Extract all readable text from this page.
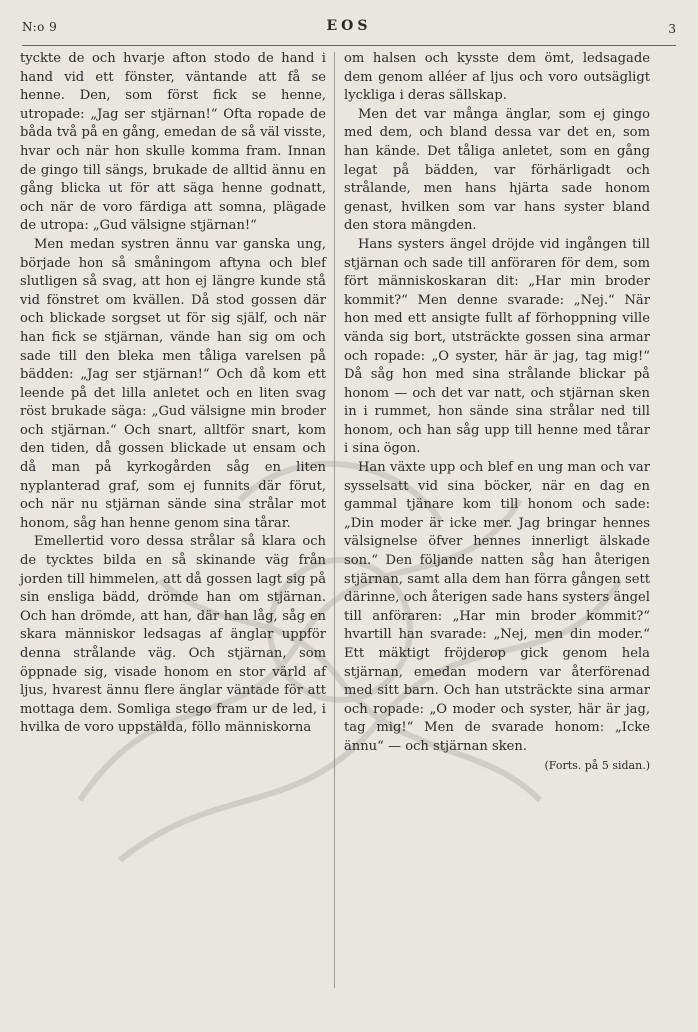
N:o 9	EOS	3

tyckte de och hvarje afton stodo de hand i hand vid ett fönster, väntande att få se henne. Den, som först fick se henne, utropade: „Jag ser stjärnan!“ Ofta ropade de båda två på en gång, emedan de så väl visste, hvar och när hon skulle komma fram. Innan de gingo till sängs, brukade de alltid ännu en gång blicka ut för att säga henne godnatt, och när de voro färdiga att somna, plägade de utropa: „Gud välsigne stjärnan!“

Men medan systren ännu var ganska ung, började hon så småningom aftyna och blef slutligen så svag, att hon ej längre kunde stå vid fönstret om kvällen. Då stod gossen där och blickade sorgset ut för sig själf, och när han fick se stjärnan, vände han sig om och sade till den bleka men tåliga varelsen på bädden: „Jag ser stjärnan!“ Och då kom ett leende på det lilla anletet och en liten svag röst brukade säga: „Gud välsigne min broder och stjärnan.“ Och snart, alltför snart, kom den tiden, då gossen blickade ut ensam och då man på kyrkogården såg en liten nyplanterad graf, som ej funnits där förut, och när nu stjärnan sände sina strålar mot honom, såg han henne genom sina tårar.

Emellertid voro dessa strålar så klara och de tycktes bilda en så skinande väg från jorden till himmelen, att då gossen lagt sig på sin ensliga bädd, drömde han om stjärnan. Och han drömde, att han, där han låg, såg en skara människor ledsagas af änglar uppför denna strålande väg. Och stjärnan, som öppnade sig, visade honom en stor värld af ljus, hvarest ännu flere änglar väntade för att mottaga dem. Somliga stego fram ur de led, i hvilka de voro uppstälda, föllo människorna

om halsen och kysste dem ömt, ledsagade dem genom alléer af ljus och voro outsägligt lyckliga i deras sällskap.

Men det var många änglar, som ej gingo med dem, och bland dessa var det en, som han kände. Det tåliga anletet, som en gång legat på bädden, var förhärligadt och strålande, men hans hjärta sade honom genast, hvilken som var hans syster bland den stora mängden.

Hans systers ängel dröjde vid ingången till stjärnan och sade till anföraren för dem, som fört människoskaran dit: „Har min broder kommit?“ Men denne svarade: „Nej.“ När hon med ett ansigte fullt af förhoppning ville vända sig bort, utsträckte gossen sina armar och ropade: „O syster, här är jag, tag mig!“ Då såg hon med sina strålande blickar på honom — och det var natt, och stjärnan sken in i rummet, hon sände sina strålar ned till honom, och han såg upp till henne med tårar i sina ögon.

Han växte upp och blef en ung man och var sysselsatt vid sina böcker, när en dag en gammal tjänare kom till honom och sade: „Din moder är icke mer. Jag bringar hennes välsignelse öfver hennes innerligt älskade son.“ Den följande natten såg han återigen stjärnan, samt alla dem han förra gången sett därinne, och återigen sade hans systers ängel till anföraren: „Har min broder kommit?“ hvartill han svarade: „Nej, men din moder.“ Ett mäktigt fröjderop gick genom hela stjärnan, emedan modern var återförenad med sitt barn. Och han utsträckte sina armar och ropade: „O moder och syster, här är jag, tag mig!“ Men de svarade honom: „Icke ännu“ — och stjärnan sken.

(Forts. på 5 sidan.)
